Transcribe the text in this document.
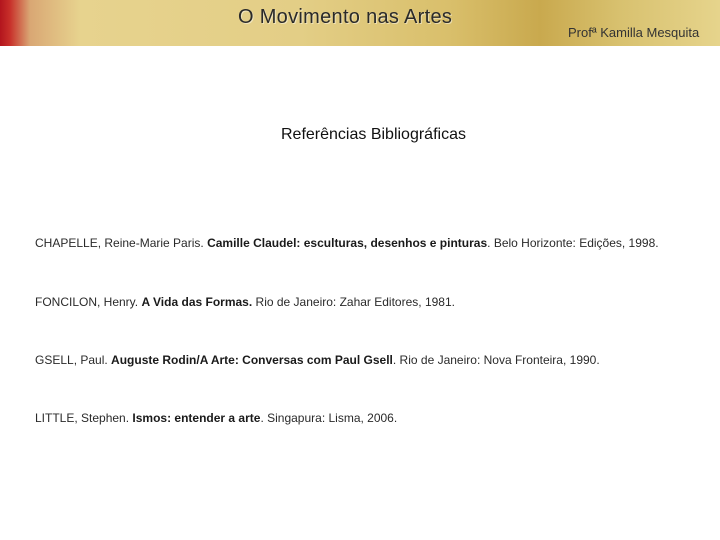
O Movimento nas Artes
Profª Kamilla Mesquita
Referências Bibliográficas
CHAPELLE, Reine-Marie Paris. Camille Claudel: esculturas, desenhos e pinturas. Belo Horizonte: Edições, 1998.
FONCILON, Henry. A Vida das Formas. Rio de Janeiro: Zahar Editores, 1981.
GSELL, Paul. Auguste Rodin/A Arte: Conversas com Paul Gsell. Rio de Janeiro: Nova Fronteira, 1990.
LITTLE, Stephen. Ismos: entender a arte. Singapura: Lisma, 2006.
